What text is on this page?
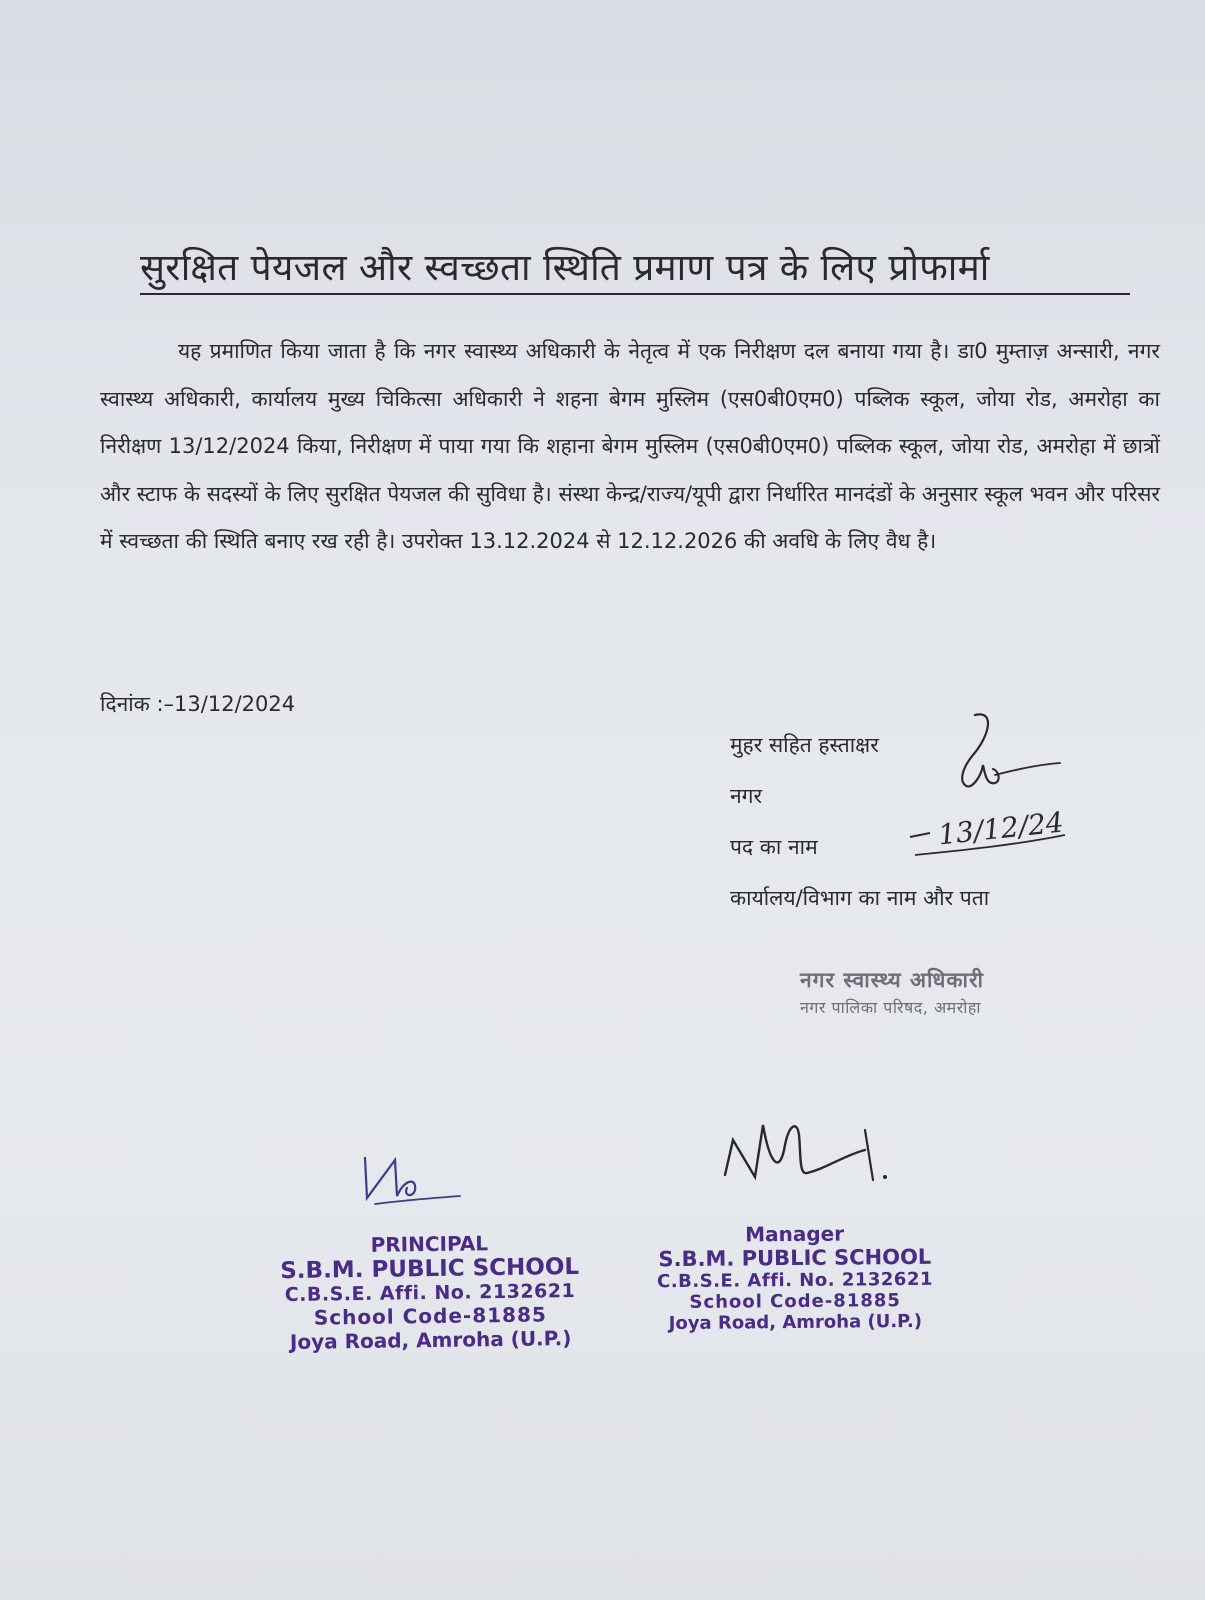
सुरक्षित पेयजल और स्वच्छता स्थिति प्रमाण पत्र के लिए प्रोफार्मा

यह प्रमाणित किया जाता है कि नगर स्वास्थ्य अधिकारी के नेतृत्व में एक निरीक्षण दल बनाया गया है। डा0 मुम्ताज़ अन्सारी, नगर स्वास्थ्य अधिकारी, कार्यालय मुख्य चिकित्सा अधिकारी ने शहना बेगम मुस्लिम (एस0बी0एम0) पब्लिक स्कूल, जोया रोड, अमरोहा का निरीक्षण 13/12/2024 किया, निरीक्षण में पाया गया कि शहाना बेगम मुस्लिम (एस0बी0एम0) पब्लिक स्कूल, जोया रोड, अमरोहा में छात्रों और स्टाफ के सदस्यों के लिए सुरक्षित पेयजल की सुविधा है। संस्था केन्द्र/राज्य/यूपी द्वारा निर्धारित मानदंडों के अनुसार स्कूल भवन और परिसर में स्वच्छता की स्थिति बनाए रख रही है। उपरोक्त 13.12.2024 से 12.12.2026 की अवधि के लिए वैध है।

दिनांक :–13/12/2024

मुहर सहित हस्ताक्षर
नगर
पद का नाम
कार्यालय/विभाग का नाम और पता
13/12/24
नगर स्वास्थ्य अधिकारी
नगर पालिका परिषद, अमरोहा
PRINCIPAL
S.B.M. PUBLIC SCHOOL
C.B.S.E. Affi. No. 2132621
School Code-81885
Joya Road, Amroha (U.P.)
Manager
S.B.M. PUBLIC SCHOOL
C.B.S.E. Affi. No. 2132621
School Code-81885
Joya Road, Amroha (U.P.)
